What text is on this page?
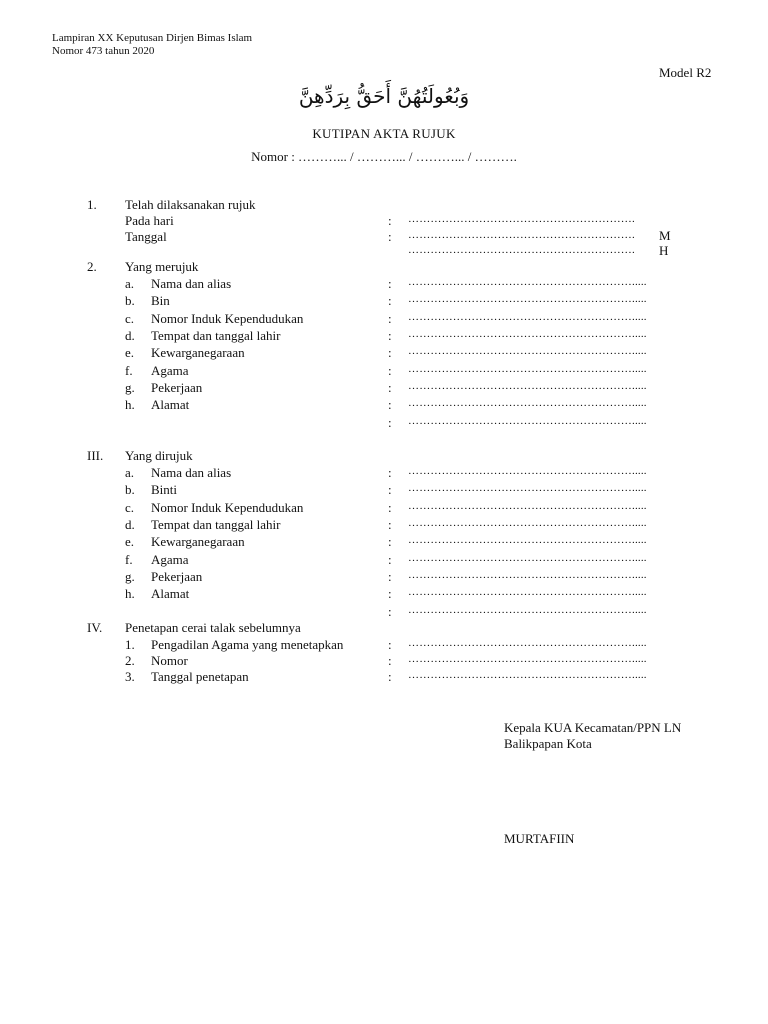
Lampiran XX Keputusan Dirjen Bimas Islam
Nomor 473 tahun 2020
Model R2
وَبُعُولَتُهُنَّ أَحَقُّ بِرَدِّهِنَّ
KUTIPAN AKTA RUJUK
Nomor : ………... / ………... / ………... / ……….
1. Telah dilaksanakan rujuk
Pada hari	: …………………………………………………….
Tanggal	: ……………………………………………………. M
……………………………………………………. H
2. Yang merujuk
a. Nama dan alias	: …………………………………………………….....
b. Bin	: …………………………………………………….....
c. Nomor Induk Kependudukan	: …………………………………………………….....
d. Tempat dan tanggal lahir	: …………………………………………………….....
e. Kewarganegaraan	: …………………………………………………….....
f. Agama	: …………………………………………………….....
g. Pekerjaan	: …………………………………………………….....
h. Alamat	: …………………………………………………….....
: …………………………………………………….....
III. Yang dirujuk
a. Nama dan alias	: …………………………………………………….....
b. Binti	: …………………………………………………….....
c. Nomor Induk Kependudukan	: …………………………………………………….....
d. Tempat dan tanggal lahir	: …………………………………………………….....
e. Kewarganegaraan	: …………………………………………………….....
f. Agama	: …………………………………………………….....
g. Pekerjaan	: …………………………………………………….....
h. Alamat	: …………………………………………………….....
: …………………………………………………….....
IV. Penetapan cerai talak sebelumnya
1. Pengadilan Agama yang menetapkan	: …………………………………………………….....
2. Nomor	: …………………………………………………….....
3. Tanggal penetapan	: …………………………………………………….....
Kepala KUA Kecamatan/PPN LN
Balikpapan Kota
MURTAFIIN
